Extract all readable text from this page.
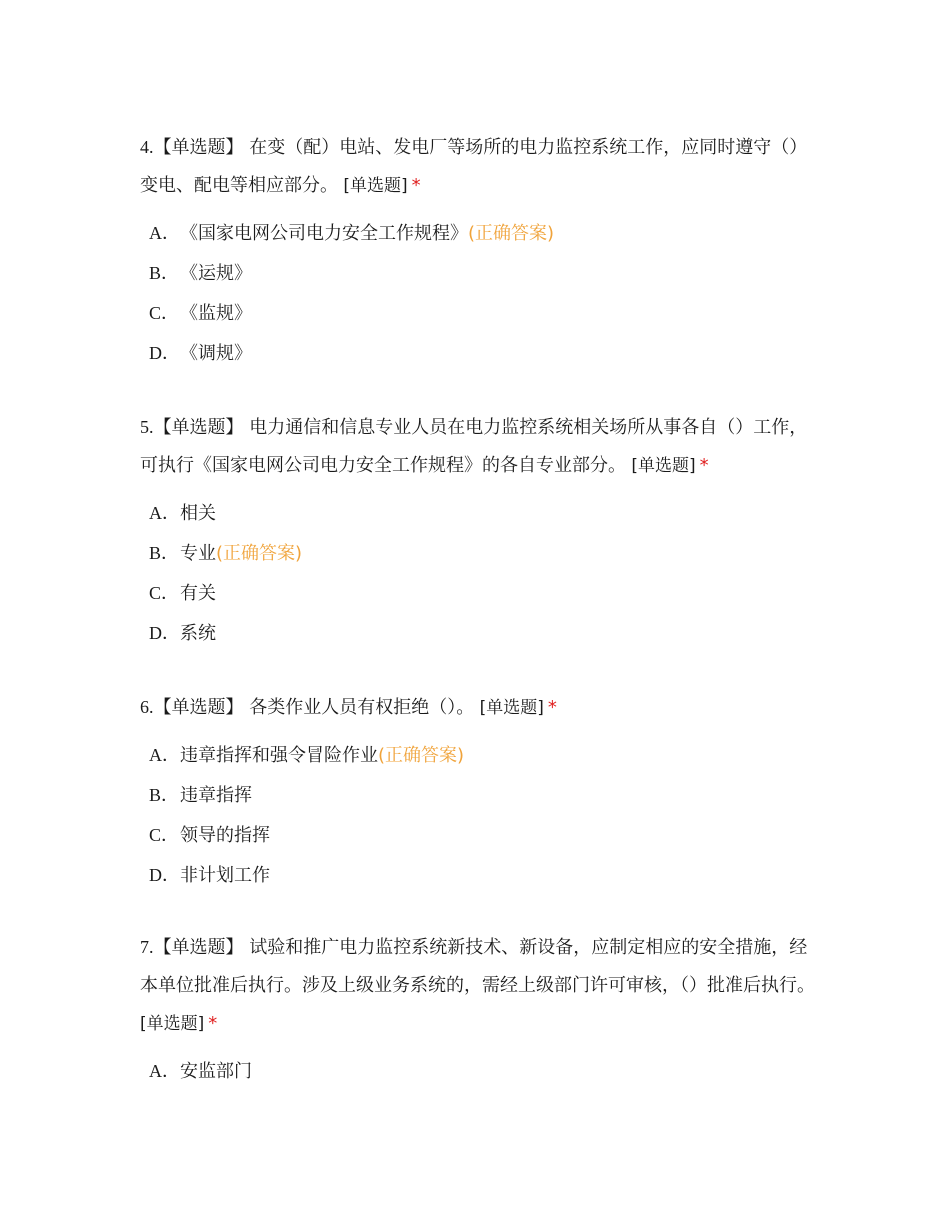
4.【单选题】 在变（配）电站、发电厂等场所的电力监控系统工作，应同时遵守（）变电、配电等相应部分。 [单选题] *

A．《国家电网公司电力安全工作规程》(正确答案)
B．《运规》
C．《监规》
D．《调规》

5.【单选题】 电力通信和信息专业人员在电力监控系统相关场所从事各自（）工作，可执行《国家电网公司电力安全工作规程》的各自专业部分。 [单选题] *

A．相关
B．专业(正确答案)
C．有关
D．系统

6.【单选题】 各类作业人员有权拒绝（）。 [单选题] *

A．违章指挥和强令冒险作业(正确答案)
B．违章指挥
C．领导的指挥
D．非计划工作

7.【单选题】 试验和推广电力监控系统新技术、新设备，应制定相应的安全措施，经本单位批准后执行。涉及上级业务系统的，需经上级部门许可审核，（）批准后执行。 [单选题] *

A．安监部门
